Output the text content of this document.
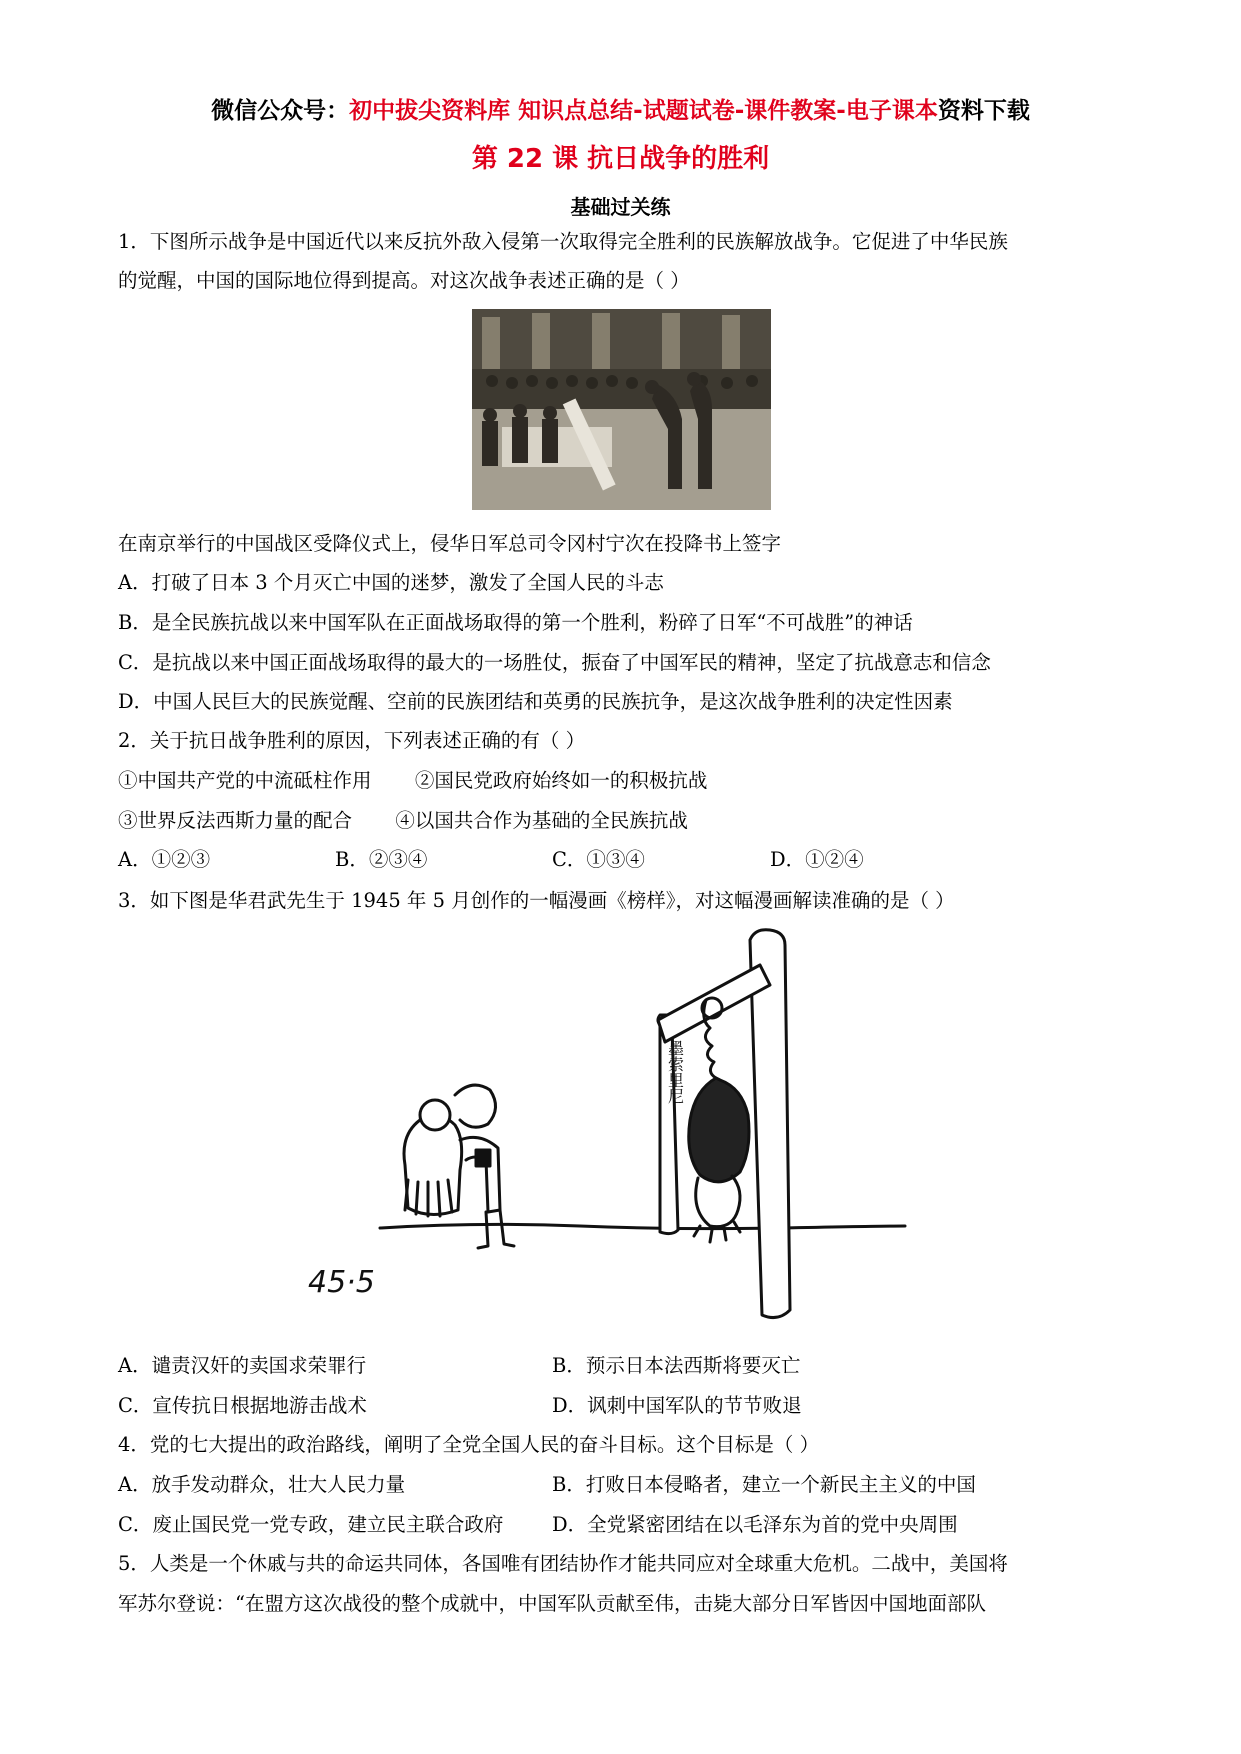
微信公众号：初中拔尖资料库 知识点总结-试题试卷-课件教案-电子课本资料下载
第 22 课 抗日战争的胜利
基础过关练
1．下图所示战争是中国近代以来反抗外敌入侵第一次取得完全胜利的民族解放战争。它促进了中华民族
的觉醒，中国的国际地位得到提高。对这次战争表述正确的是（ ）
在南京举行的中国战区受降仪式上，侵华日军总司令冈村宁次在投降书上签字
A．打破了日本 3 个月灭亡中国的迷梦，激发了全国人民的斗志
B．是全民族抗战以来中国军队在正面战场取得的第一个胜利，粉碎了日军“不可战胜”的神话
C．是抗战以来中国正面战场取得的最大的一场胜仗，振奋了中国军民的精神，坚定了抗战意志和信念
D．中国人民巨大的民族觉醒、空前的民族团结和英勇的民族抗争，是这次战争胜利的决定性因素
2．关于抗日战争胜利的原因，下列表述正确的有（ ）
①中国共产党的中流砥柱作用       ②国民党政府始终如一的积极抗战
③世界反法西斯力量的配合       ④以国共合作为基础的全民族抗战
A．①②③	B．②③④	C．①③④	D．①②④
3．如下图是华君武先生于 1945 年 5 月创作的一幅漫画《榜样》，对这幅漫画解读准确的是（ ）
墨索里尼
45·5
A．谴责汉奸的卖国求荣罪行	B．预示日本法西斯将要灭亡
C．宣传抗日根据地游击战术	D．讽刺中国军队的节节败退
4．党的七大提出的政治路线，阐明了全党全国人民的奋斗目标。这个目标是（ ）
A．放手发动群众，壮大人民力量	B．打败日本侵略者，建立一个新民主主义的中国
C．废止国民党一党专政，建立民主联合政府 D．全党紧密团结在以毛泽东为首的党中央周围
5．人类是一个休戚与共的命运共同体，各国唯有团结协作才能共同应对全球重大危机。二战中，美国将
军苏尔登说：“在盟方这次战役的整个成就中，中国军队贡献至伟，击毙大部分日军皆因中国地面部队
